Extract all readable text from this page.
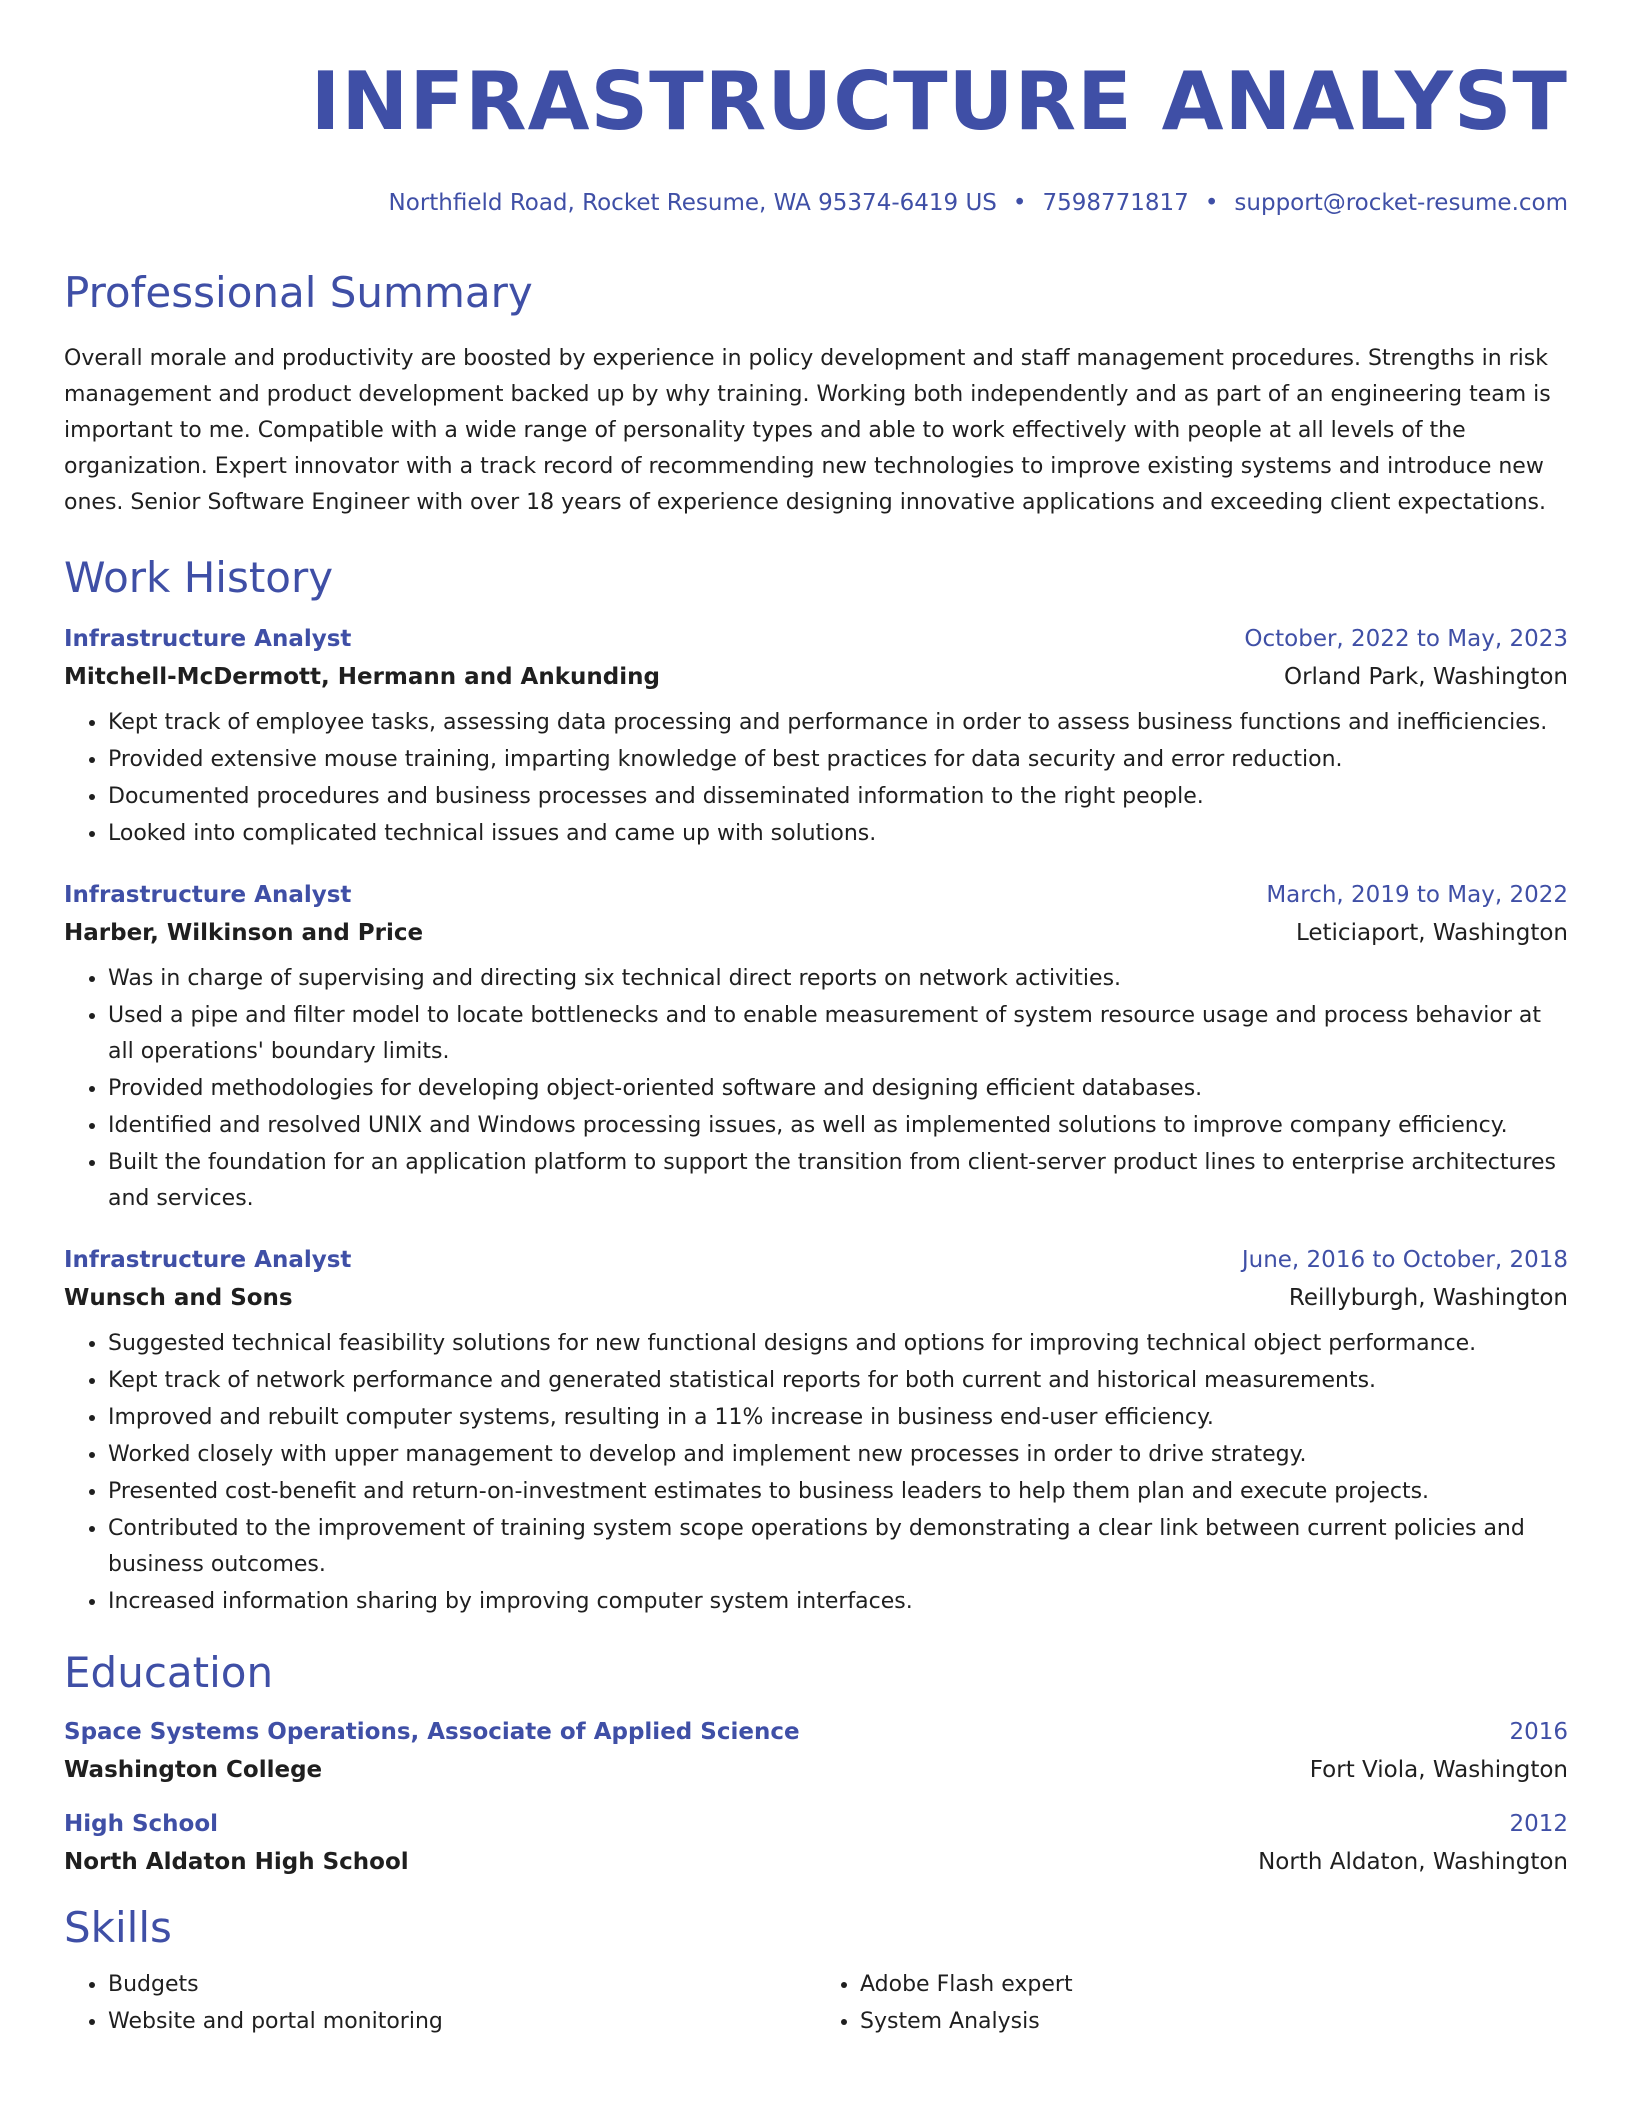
INFRASTRUCTURE ANALYST
Northfield Road, Rocket Resume, WA 95374-6419 US • 7598771817 • support@rocket-resume.com
Professional Summary
Overall morale and productivity are boosted by experience in policy development and staff management procedures. Strengths in risk management and product development backed up by why training. Working both independently and as part of an engineering team is important to me. Compatible with a wide range of personality types and able to work effectively with people at all levels of the organization. Expert innovator with a track record of recommending new technologies to improve existing systems and introduce new ones. Senior Software Engineer with over 18 years of experience designing innovative applications and exceeding client expectations.
Work History
Infrastructure Analyst	October, 2022 to May, 2023
Mitchell-McDermott, Hermann and Ankunding	Orland Park, Washington
• Kept track of employee tasks, assessing data processing and performance in order to assess business functions and inefficiencies.
• Provided extensive mouse training, imparting knowledge of best practices for data security and error reduction.
• Documented procedures and business processes and disseminated information to the right people.
• Looked into complicated technical issues and came up with solutions.
Infrastructure Analyst	March, 2019 to May, 2022
Harber, Wilkinson and Price	Leticiaport, Washington
• Was in charge of supervising and directing six technical direct reports on network activities.
• Used a pipe and filter model to locate bottlenecks and to enable measurement of system resource usage and process behavior at all operations' boundary limits.
• Provided methodologies for developing object-oriented software and designing efficient databases.
• Identified and resolved UNIX and Windows processing issues, as well as implemented solutions to improve company efficiency.
• Built the foundation for an application platform to support the transition from client-server product lines to enterprise architectures and services.
Infrastructure Analyst	June, 2016 to October, 2018
Wunsch and Sons	Reillyburgh, Washington
• Suggested technical feasibility solutions for new functional designs and options for improving technical object performance.
• Kept track of network performance and generated statistical reports for both current and historical measurements.
• Improved and rebuilt computer systems, resulting in a 11% increase in business end-user efficiency.
• Worked closely with upper management to develop and implement new processes in order to drive strategy.
• Presented cost-benefit and return-on-investment estimates to business leaders to help them plan and execute projects.
• Contributed to the improvement of training system scope operations by demonstrating a clear link between current policies and business outcomes.
• Increased information sharing by improving computer system interfaces.
Education
Space Systems Operations, Associate of Applied Science	2016
Washington College	Fort Viola, Washington
High School	2012
North Aldaton High School	North Aldaton, Washington
Skills
• Budgets
• Website and portal monitoring
• Adobe Flash expert
• System Analysis
